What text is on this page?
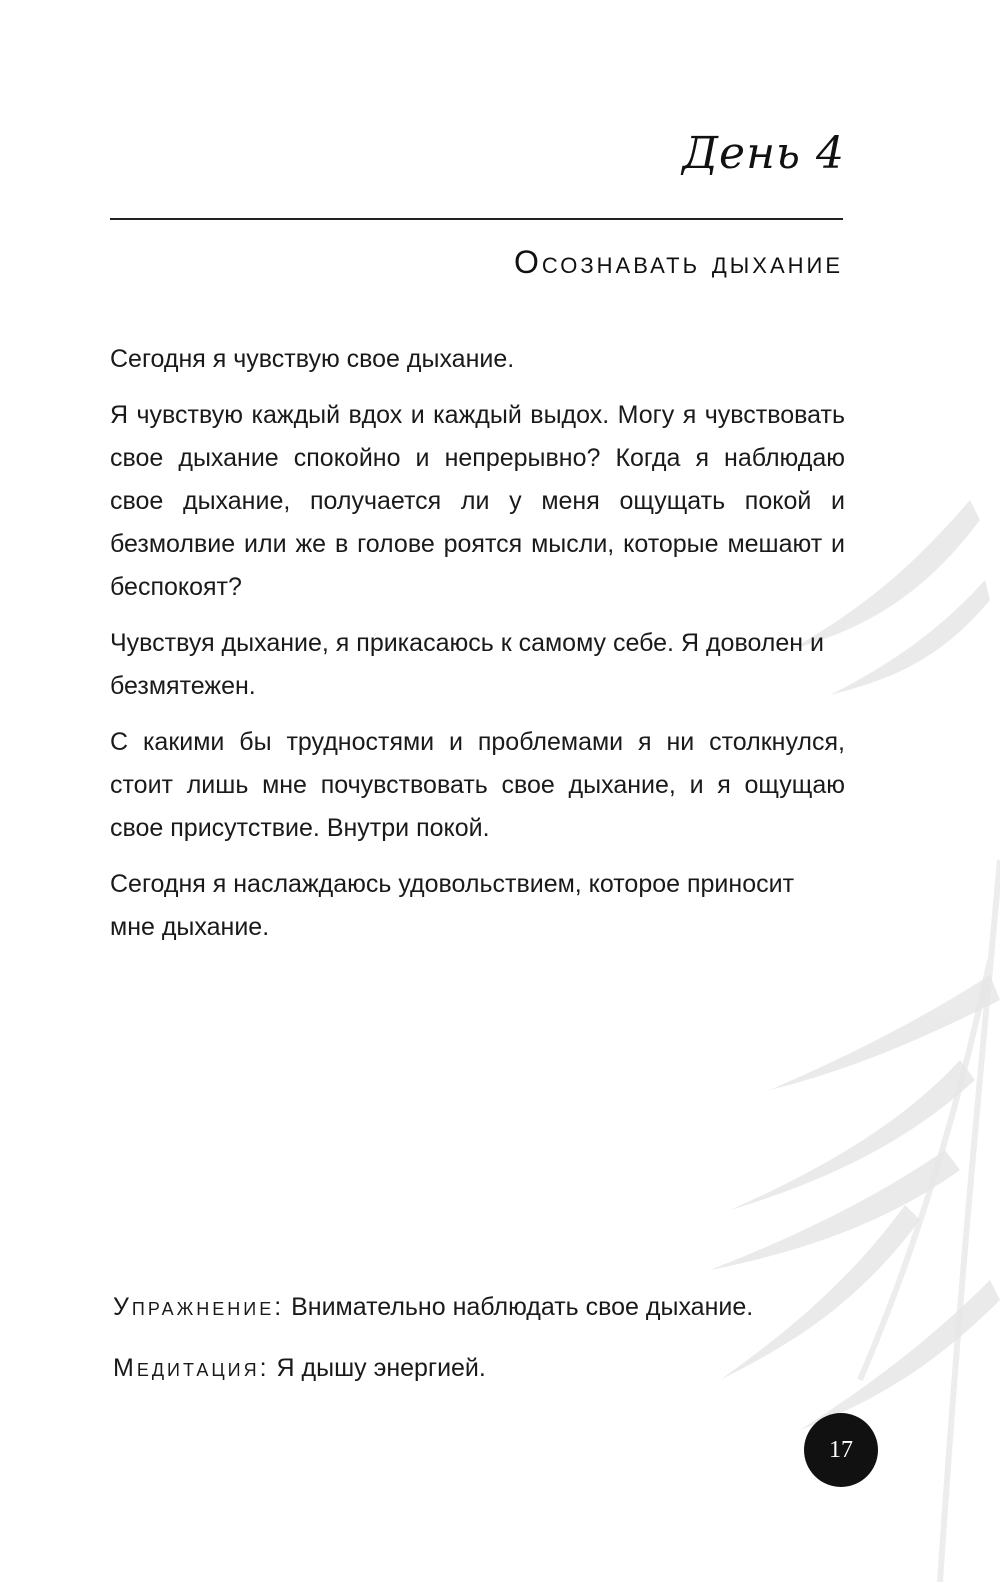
День 4
Осознавать дыхание

Сегодня я чувствую свое дыхание.

Я чувствую каждый вдох и каждый выдох. Могу я чувствовать свое дыхание спокойно и непрерывно? Когда я наблюдаю свое дыхание, получается ли у меня ощущать покой и безмолвие или же в голове роятся мысли, которые мешают и беспокоят?

Чувствуя дыхание, я прикасаюсь к самому себе. Я доволен и безмятежен.

С какими бы трудностями и проблемами я ни столкнулся, стоит лишь мне почувствовать свое дыхание, и я ощущаю свое присутствие. Внутри покой.

Сегодня я наслаждаюсь удовольствием, которое приносит мне дыхание.

Упражнение: Внимательно наблюдать свое дыхание.

Медитация: Я дышу энергией.

17
